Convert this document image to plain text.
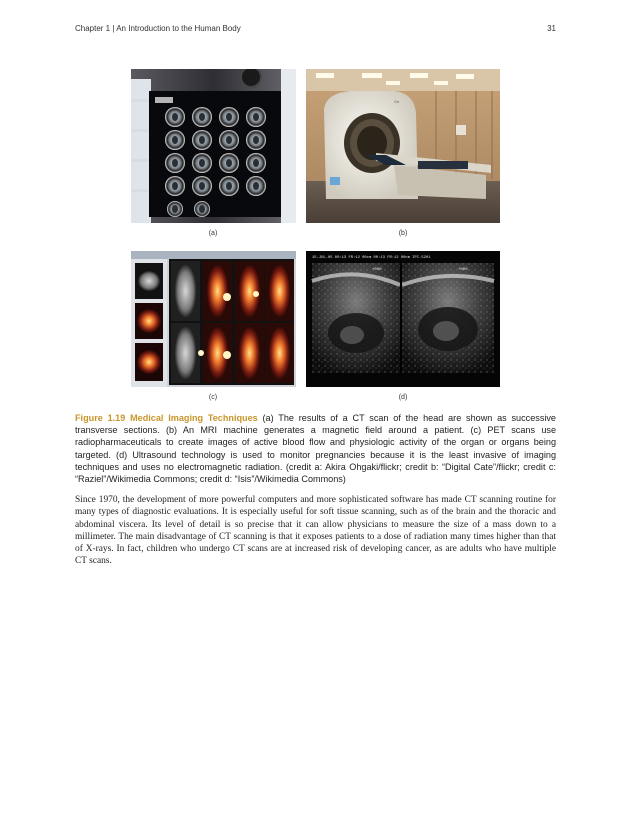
Chapter 1 | An Introduction to the Human Body	31
(a)
Ge
(b)
(c)
15-JUL-05 00:13 FR:12 00cm 00:13 FR:12 00cm IPC-5201
+000	+000
(d)
Figure 1.19 Medical Imaging Techniques (a) The results of a CT scan of the head are shown as successive transverse sections. (b) An MRI machine generates a magnetic field around a patient. (c) PET scans use radiopharmaceuticals to create images of active blood flow and physiologic activity of the organ or organs being targeted. (d) Ultrasound technology is used to monitor pregnancies because it is the least invasive of imaging techniques and uses no electromagnetic radiation. (credit a: Akira Ohgaki/flickr; credit b: “Digital Cate”/flickr; credit c: “Raziel”/Wikimedia Commons; credit d: “Isis”/Wikimedia Commons)
Since 1970, the development of more powerful computers and more sophisticated software has made CT scanning routine for many types of diagnostic evaluations. It is especially useful for soft tissue scanning, such as of the brain and the thoracic and abdominal viscera. Its level of detail is so precise that it can allow physicians to measure the size of a mass down to a millimeter. The main disadvantage of CT scanning is that it exposes patients to a dose of radiation many times higher than that of X-rays. In fact, children who undergo CT scans are at increased risk of developing cancer, as are adults who have multiple CT scans.
